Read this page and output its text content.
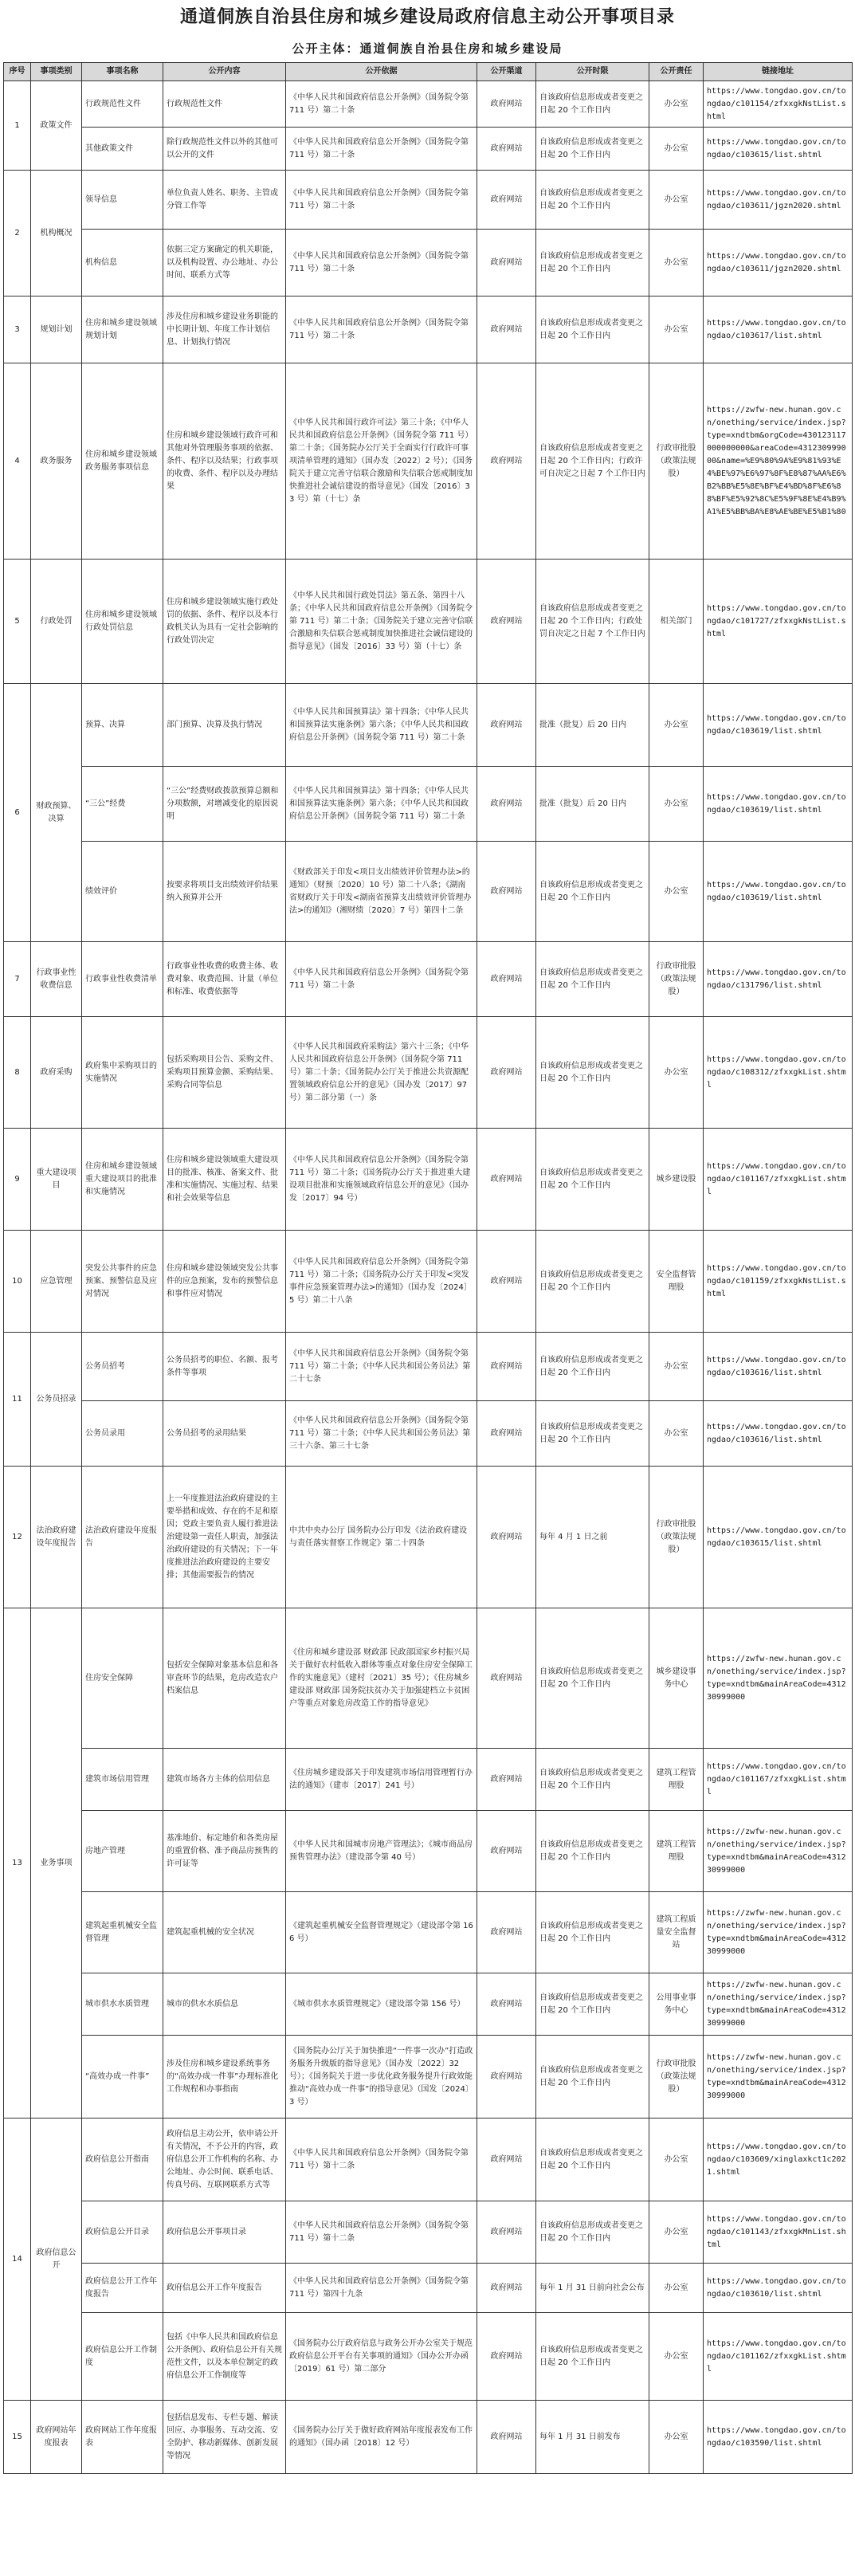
通道侗族自治县住房和城乡建设局政府信息主动公开事项目录
公开主体：通道侗族自治县住房和城乡建设局
序号	事项类别	事项名称	公开内容	公开依据	公开渠道	公开时限	公开责任	链接地址
1	政策文件	行政规范性文件	行政规范性文件	《中华人民共和国政府信息公开条例》（国务院令第 711 号）第二十条	政府网站	自该政府信息形成或者变更之日起 20 个工作日内	办公室	https://www.tongdao.gov.cn/tongdao/c101154/zfxxgkNstList.shtml
		其他政策文件	除行政规范性文件以外的其他可以公开的文件	《中华人民共和国政府信息公开条例》（国务院令第 711 号）第二十条	政府网站	自该政府信息形成或者变更之日起 20 个工作日内	办公室	https://www.tongdao.gov.cn/tongdao/c103615/list.shtml
2	机构概况	领导信息	单位负责人姓名、职务、主管或分管工作等	《中华人民共和国政府信息公开条例》（国务院令第 711 号）第二十条	政府网站	自该政府信息形成或者变更之日起 20 个工作日内	办公室	https://www.tongdao.gov.cn/tongdao/c103611/jgzn2020.shtml
		机构信息	依据三定方案确定的机关职能，以及机构设置、办公地址、办公时间、联系方式等	《中华人民共和国政府信息公开条例》（国务院令第 711 号）第二十条	政府网站	自该政府信息形成或者变更之日起 20 个工作日内	办公室	https://www.tongdao.gov.cn/tongdao/c103611/jgzn2020.shtml
3	规划计划	住房和城乡建设领域规划计划	涉及住房和城乡建设业务职能的中长期计划、年度工作计划信息、计划执行情况	《中华人民共和国政府信息公开条例》（国务院令第 711 号）第二十条	政府网站	自该政府信息形成或者变更之日起 20 个工作日内	办公室	https://www.tongdao.gov.cn/tongdao/c103617/list.shtml
4	政务服务	住房和城乡建设领域政务服务事项信息	住房和城乡建设领域行政许可和其他对外管理服务事项的依据、条件、程序以及结果；行政事项的收费、条件、程序以及办理结果	《中华人民共和国行政许可法》第三十条；《中华人民共和国政府信息公开条例》（国务院令第 711 号）第二十条；《国务院办公厅关于全面实行行政许可事项清单管理的通知》（国办发〔2022〕2 号）；《国务院关于建立完善守信联合激励和失信联合惩戒制度加快推进社会诚信建设的指导意见》（国发〔2016〕33 号）第（十七）条	政府网站	自该政府信息形成或者变更之日起 20 个工作日内；行政许可自决定之日起 7 个工作日内	行政审批股（政策法规股）	https://zwfw-new.hunan.gov.cn/onething/service/index.jsp?type=xndtbm&orgCode=430123117000000000&areaCode=431230999000&name=%E9%80%9A%E9%81%93%E4%BE%97%E6%97%8F%E8%87%AA%E6%B2%BB%E5%8E%BF%E4%BD%8F%E6%88%BF%E5%92%8C%E5%9F%8E%E4%B9%A1%E5%BB%BA%E8%AE%BE%E5%B1%80
5	行政处罚	住房和城乡建设领域行政处罚信息	住房和城乡建设领域实施行政处罚的依据、条件、程序以及本行政机关认为具有一定社会影响的行政处罚决定	《中华人民共和国行政处罚法》第五条、第四十八条；《中华人民共和国政府信息公开条例》（国务院令第 711 号）第二十条；《国务院关于建立完善守信联合激励和失信联合惩戒制度加快推进社会诚信建设的指导意见》（国发〔2016〕33 号）第（十七）条	政府网站	自该政府信息形成或者变更之日起 20 个工作日内；行政处罚自决定之日起 7 个工作日内	相关部门	https://www.tongdao.gov.cn/tongdao/c101727/zfxxgkNstList.shtml
6	财政预算、决算	预算、决算	部门预算、决算及执行情况	《中华人民共和国预算法》第十四条；《中华人民共和国预算法实施条例》第六条；《中华人民共和国政府信息公开条例》（国务院令第 711 号）第二十条	政府网站	批准（批复）后 20 日内	办公室	https://www.tongdao.gov.cn/tongdao/c103619/list.shtml
		“三公”经费	“三公”经费财政拨款预算总额和分项数额，对增减变化的原因说明	《中华人民共和国预算法》第十四条；《中华人民共和国预算法实施条例》第六条；《中华人民共和国政府信息公开条例》（国务院令第 711 号）第二十条	政府网站	批准（批复）后 20 日内	办公室	https://www.tongdao.gov.cn/tongdao/c103619/list.shtml
		绩效评价	按要求将项目支出绩效评价结果纳入预算并公开	《财政部关于印发<项目支出绩效评价管理办法>的通知》（财预〔2020〕10 号）第二十八条；《湖南省财政厅关于印发<湖南省预算支出绩效评价管理办法>的通知》（湘财绩〔2020〕7 号）第四十二条	政府网站	自该政府信息形成或者变更之日起 20 个工作日内	办公室	https://www.tongdao.gov.cn/tongdao/c103619/list.shtml
7	行政事业性收费信息	行政事业性收费清单	行政事业性收费的收费主体、收费对象、收费范围、计量（单位和标准、收费依据等	《中华人民共和国政府信息公开条例》（国务院令第 711 号）第二十条	政府网站	自该政府信息形成或者变更之日起 20 个工作日内	行政审批股（政策法规股）	https://www.tongdao.gov.cn/tongdao/c131796/list.shtml
8	政府采购	政府集中采购项目的实施情况	包括采购项目公告、采购文件、采购项目预算金额、采购结果、采购合同等信息	《中华人民共和国政府采购法》第六十三条；《中华人民共和国政府信息公开条例》（国务院令第 711 号）第二十条；《国务院办公厅关于推进公共资源配置领域政府信息公开的意见》（国办发〔2017〕97 号）第二部分第（一）条	政府网站	自该政府信息形成或者变更之日起 20 个工作日内	办公室	https://www.tongdao.gov.cn/tongdao/c108312/zfxxgkList.shtml
9	重大建设项目	住房和城乡建设领域重大建设项目的批准和实施情况	住房和城乡建设领域重大建设项目的批准、核准、备案文件、批准和实施情况、实施过程、结果和社会效果等信息	《中华人民共和国政府信息公开条例》（国务院令第 711 号）第二十条；《国务院办公厅关于推进重大建设项目批准和实施领域政府信息公开的意见》（国办发〔2017〕94 号）	政府网站	自该政府信息形成或者变更之日起 20 个工作日内	城乡建设股	https://www.tongdao.gov.cn/tongdao/c101167/zfxxgkList.shtml
10	应急管理	突发公共事件的应急预案、预警信息及应对情况	住房和城乡建设领域突发公共事件的应急预案，发布的预警信息和事件应对情况	《中华人民共和国政府信息公开条例》（国务院令第 711 号）第二十条；《国务院办公厅关于印发<突发事件应急预案管理办法>的通知》（国办发〔2024〕5 号）第二十八条	政府网站	自该政府信息形成或者变更之日起 20 个工作日内	安全监督管理股	https://www.tongdao.gov.cn/tongdao/c101159/zfxxgkNstList.shtml
11	公务员招录	公务员招考	公务员招考的职位、名额、报考条件等事项	《中华人民共和国政府信息公开条例》（国务院令第 711 号）第二十条；《中华人民共和国公务员法》第二十七条	政府网站	自该政府信息形成或者变更之日起 20 个工作日内	办公室	https://www.tongdao.gov.cn/tongdao/c103616/list.shtml
		公务员录用	公务员招考的录用结果	《中华人民共和国政府信息公开条例》（国务院令第 711 号）第二十条；《中华人民共和国公务员法》第三十六条、第三十七条	政府网站	自该政府信息形成或者变更之日起 20 个工作日内	办公室	https://www.tongdao.gov.cn/tongdao/c103616/list.shtml
12	法治政府建设年度报告	法治政府建设年度报告	上一年度推进法治政府建设的主要举措和成效、存在的不足和原因；党政主要负责人履行推进法治建设第一责任人职责，加强法治政府建设的有关情况；下一年度推进法治政府建设的主要安排；其他需要报告的情况	中共中央办公厅 国务院办公厅印发《法治政府建设与责任落实督察工作规定》第二十四条	政府网站	每年 4 月 1 日之前	行政审批股（政策法规股）	https://www.tongdao.gov.cn/tongdao/c103615/list.shtml
13	业务事项	住房安全保障	包括安全保障对象基本信息和各审查环节的结果，危房改造农户档案信息	《住房和城乡建设部 财政部 民政部国家乡村振兴局关于做好农村低收入群体等重点对象住房安全保障工作的实施意见》（建村〔2021〕35 号）；《住房城乡建设部 财政部 国务院扶贫办关于加强建档立卡贫困户等重点对象危房改造工作的指导意见》	政府网站	自该政府信息形成或者变更之日起 20 个工作日内	城乡建设事务中心	https://zwfw-new.hunan.gov.cn/onething/service/index.jsp?type=xndtbm&mainAreaCode=431230999000
		建筑市场信用管理	建筑市场各方主体的信用信息	《住房城乡建设部关于印发建筑市场信用管理暂行办法的通知》（建市〔2017〕241 号）	政府网站	自该政府信息形成或者变更之日起 20 个工作日内	建筑工程管理股	https://www.tongdao.gov.cn/tongdao/c101167/zfxxgkList.shtml
		房地产管理	基准地价、标定地价和各类房屋的重置价格、准予商品房预售的许可证等	《中华人民共和国城市房地产管理法》；《城市商品房预售管理办法》（建设部令第 40 号）	政府网站	自该政府信息形成或者变更之日起 20 个工作日内	建筑工程管理股	https://zwfw-new.hunan.gov.cn/onething/service/index.jsp?type=xndtbm&mainAreaCode=431230999000
		建筑起重机械安全监督管理	建筑起重机械的安全状况	《建筑起重机械安全监督管理规定》（建设部令第 166 号）	政府网站	自该政府信息形成或者变更之日起 20 个工作日内	建筑工程质量安全监督站	https://zwfw-new.hunan.gov.cn/onething/service/index.jsp?type=xndtbm&mainAreaCode=431230999000
		城市供水水质管理	城市的供水水质信息	《城市供水水质管理规定》（建设部令第 156 号）	政府网站	自该政府信息形成或者变更之日起 20 个工作日内	公用事业事务中心	https://zwfw-new.hunan.gov.cn/onething/service/index.jsp?type=xndtbm&mainAreaCode=431230999000
		“高效办成一件事”	涉及住房和城乡建设系统事务的“高效办成一件事”办理标准化工作规程和办事指南	《国务院办公厅关于加快推进“一件事一次办”打造政务服务升级版的指导意见》（国办发〔2022〕32 号）；《国务院关于进一步优化政务服务提升行政效能推动“高效办成一件事”的指导意见》（国发〔2024〕3 号）	政府网站	自该政府信息形成或者变更之日起 20 个工作日内	行政审批股（政策法规股）	https://zwfw-new.hunan.gov.cn/onething/service/index.jsp?type=xndtbm&mainAreaCode=431230999000
14	政府信息公开	政府信息公开指南	政府信息主动公开，依申请公开有关情况，不予公开的内容，政府信息公开工作机构的名称、办公地址、办公时间、联系电话、传真号码、互联网联系方式等	《中华人民共和国政府信息公开条例》（国务院令第 711 号）第十二条	政府网站	自该政府信息形成或者变更之日起 20 个工作日内	办公室	https://www.tongdao.gov.cn/tongdao/c103609/xinglaxkct1c2021.shtml
		政府信息公开目录	政府信息公开事项目录	《中华人民共和国政府信息公开条例》（国务院令第 711 号）第十二条	政府网站	自该政府信息形成或者变更之日起 20 个工作日内	办公室	https://www.tongdao.gov.cn/tongdao/c101143/zfxxgkMnList.shtml
		政府信息公开工作年度报告	政府信息公开工作年度报告	《中华人民共和国政府信息公开条例》（国务院令第 711 号）第四十九条	政府网站	每年 1 月 31 日前向社会公布	办公室	https://www.tongdao.gov.cn/tongdao/c103610/list.shtml
		政府信息公开工作制度	包括《中华人民共和国政府信息公开条例》、政府信息公开有关规范性文件，以及本单位制定的政府信息公开工作制度等	《国务院办公厅政府信息与政务公开办公室关于规范政府信息公开平台有关事项的通知》（国办公开办函〔2019〕61 号）第二部分	政府网站	自该政府信息形成或者变更之日起 20 个工作日内	办公室	https://www.tongdao.gov.cn/tongdao/c101162/zfxxgkList.shtml
15	政府网站年度报表	政府网站工作年度报表	包括信息发布、专栏专题、解读回应、办事服务、互动交流、安全防护、移动新媒体、创新发展等情况	《国务院办公厅关于做好政府网站年度报表发布工作的通知》（国办函〔2018〕12 号）	政府网站	每年 1 月 31 日前发布	办公室	https://www.tongdao.gov.cn/tongdao/c103590/list.shtml
